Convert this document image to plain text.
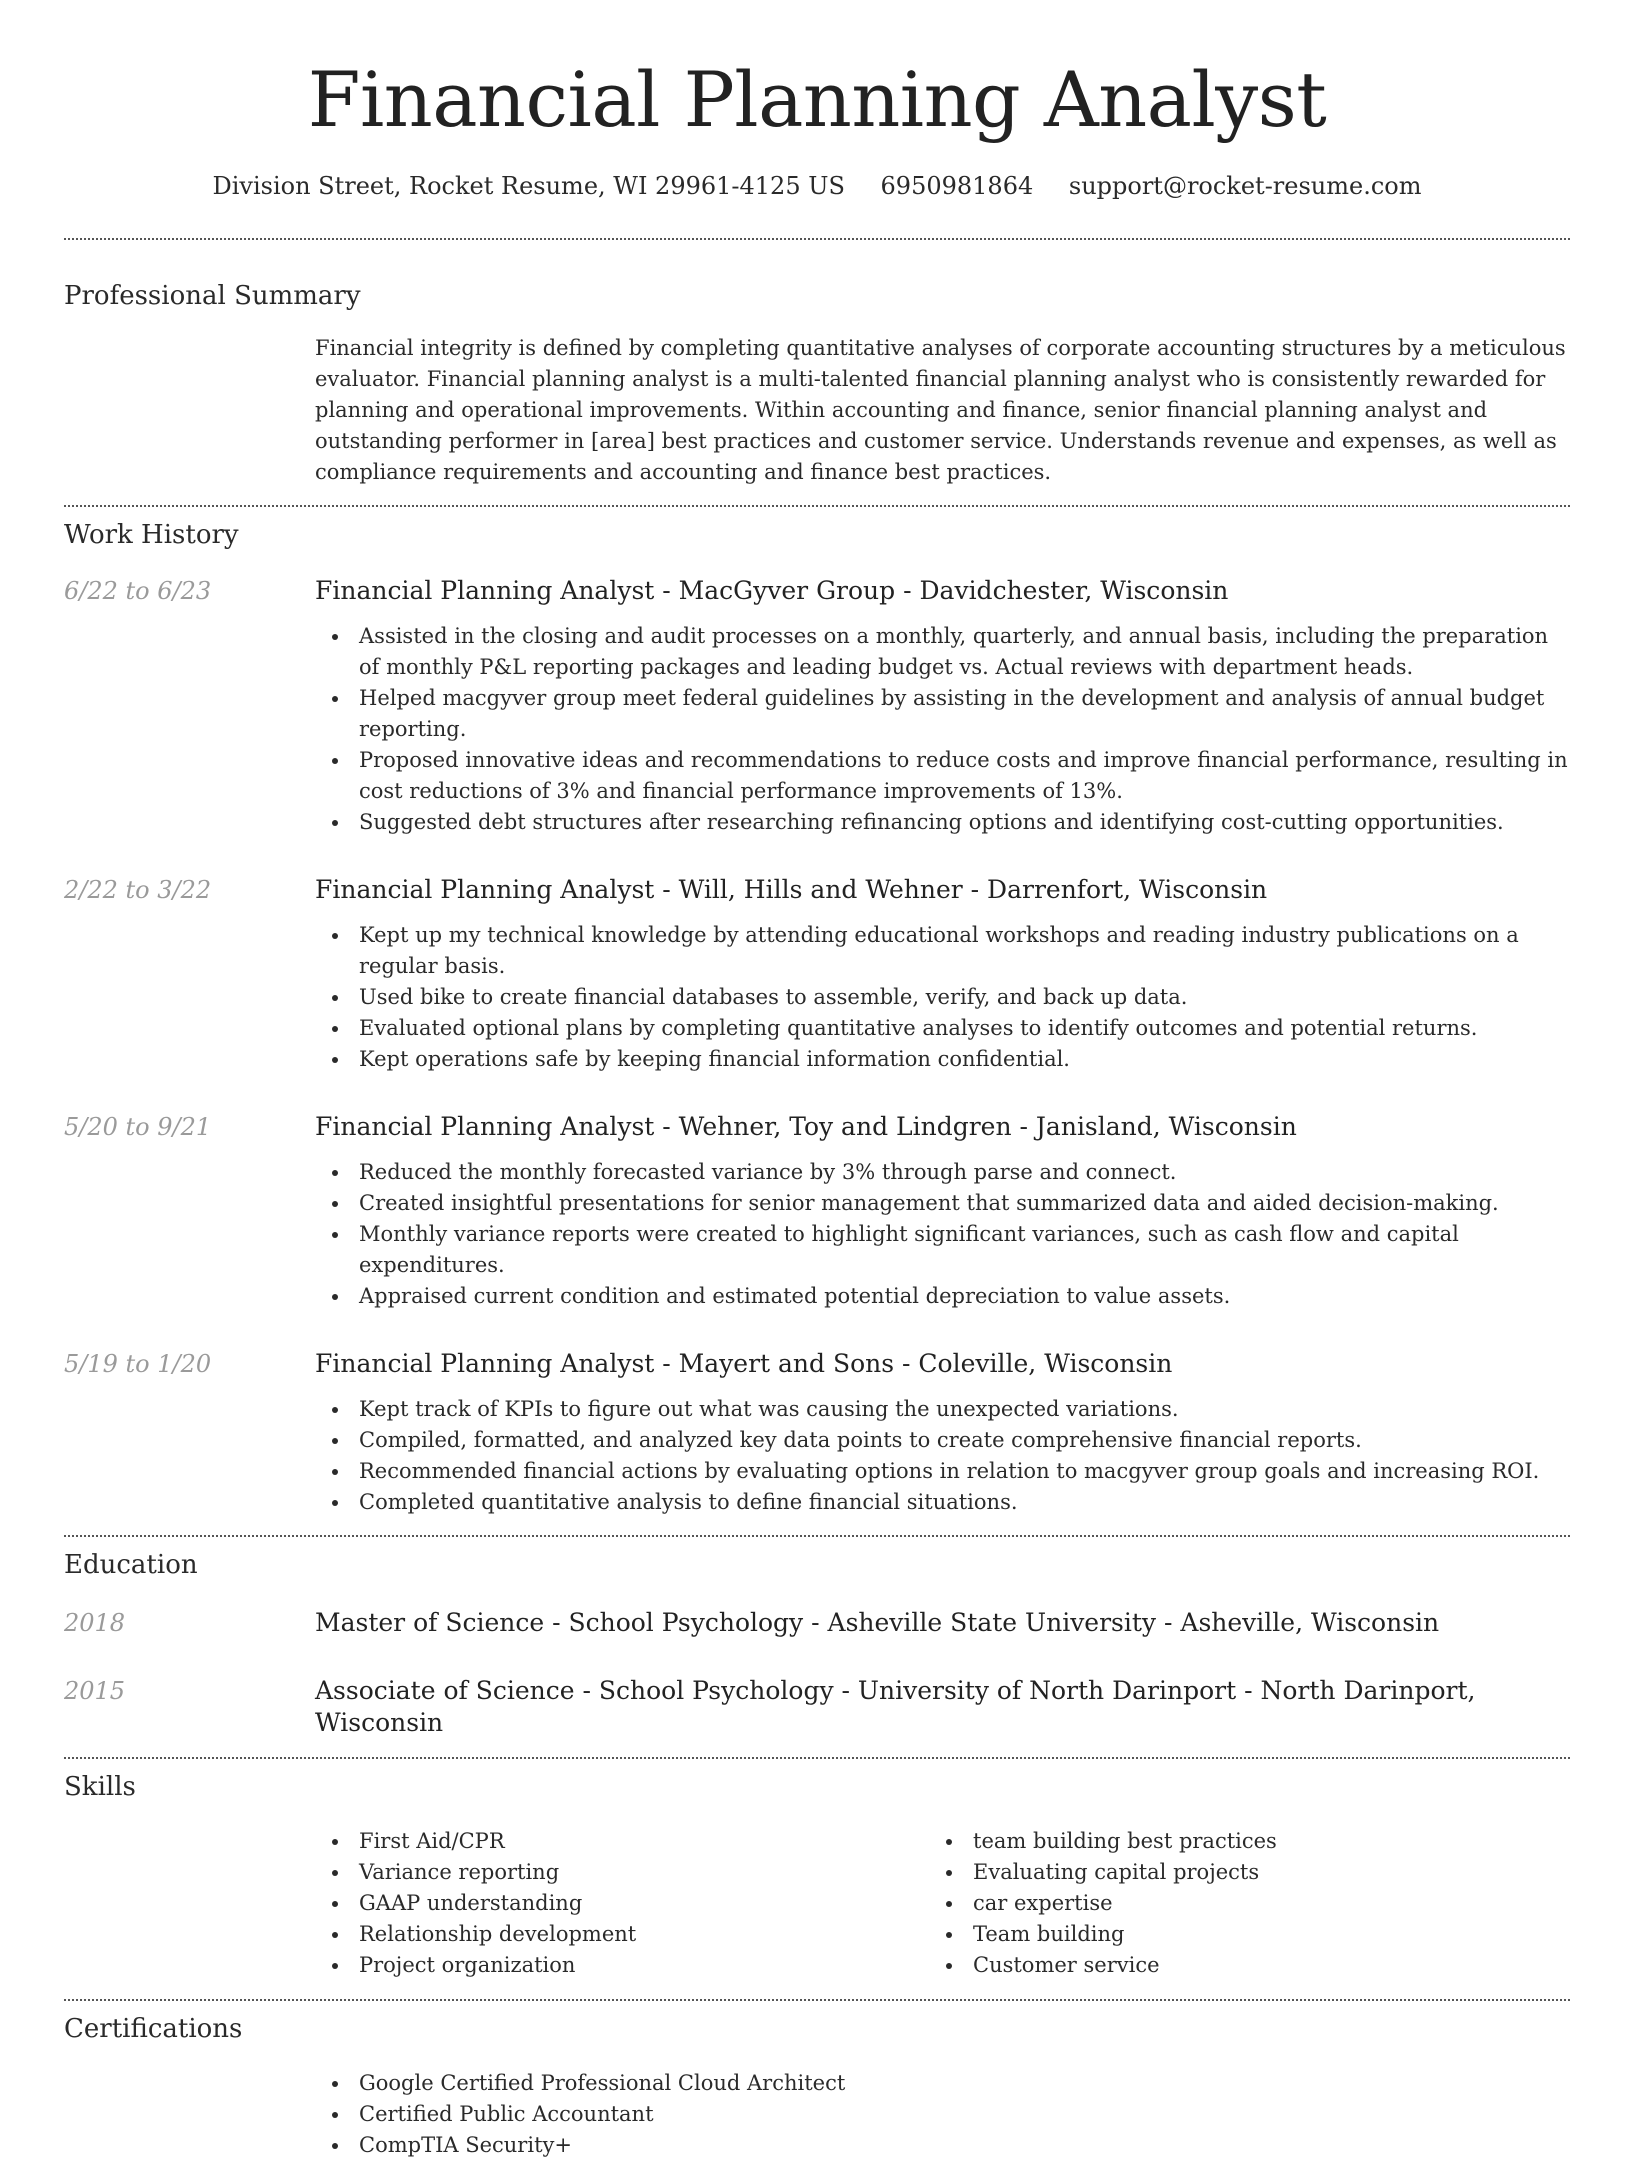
Financial Planning Analyst
Division Street, Rocket Resume, WI 29961-4125 US 6950981864 support@rocket-resume.com
Professional Summary
Financial integrity is defined by completing quantitative analyses of corporate accounting structures by a meticulous evaluator. Financial planning analyst is a multi-talented financial planning analyst who is consistently rewarded for planning and operational improvements. Within accounting and finance, senior financial planning analyst and outstanding performer in [area] best practices and customer service. Understands revenue and expenses, as well as compliance requirements and accounting and finance best practices.
Work History
6/22 to 6/23	Financial Planning Analyst - MacGyver Group - Davidchester, Wisconsin
Assisted in the closing and audit processes on a monthly, quarterly, and annual basis, including the preparation of monthly P&L reporting packages and leading budget vs. Actual reviews with department heads.
Helped macgyver group meet federal guidelines by assisting in the development and analysis of annual budget reporting.
Proposed innovative ideas and recommendations to reduce costs and improve financial performance, resulting in cost reductions of 3% and financial performance improvements of 13%.
Suggested debt structures after researching refinancing options and identifying cost-cutting opportunities.
2/22 to 3/22	Financial Planning Analyst - Will, Hills and Wehner - Darrenfort, Wisconsin
Kept up my technical knowledge by attending educational workshops and reading industry publications on a regular basis.
Used bike to create financial databases to assemble, verify, and back up data.
Evaluated optional plans by completing quantitative analyses to identify outcomes and potential returns.
Kept operations safe by keeping financial information confidential.
5/20 to 9/21	Financial Planning Analyst - Wehner, Toy and Lindgren - Janisland, Wisconsin
Reduced the monthly forecasted variance by 3% through parse and connect.
Created insightful presentations for senior management that summarized data and aided decision-making.
Monthly variance reports were created to highlight significant variances, such as cash flow and capital expenditures.
Appraised current condition and estimated potential depreciation to value assets.
5/19 to 1/20	Financial Planning Analyst - Mayert and Sons - Coleville, Wisconsin
Kept track of KPIs to figure out what was causing the unexpected variations.
Compiled, formatted, and analyzed key data points to create comprehensive financial reports.
Recommended financial actions by evaluating options in relation to macgyver group goals and increasing ROI.
Completed quantitative analysis to define financial situations.
Education
2018	Master of Science - School Psychology - Asheville State University - Asheville, Wisconsin
2015	Associate of Science - School Psychology - University of North Darinport - North Darinport, Wisconsin
Skills
First Aid/CPR
Variance reporting
GAAP understanding
Relationship development
Project organization
team building best practices
Evaluating capital projects
car expertise
Team building
Customer service
Certifications
Google Certified Professional Cloud Architect
Certified Public Accountant
CompTIA Security+
